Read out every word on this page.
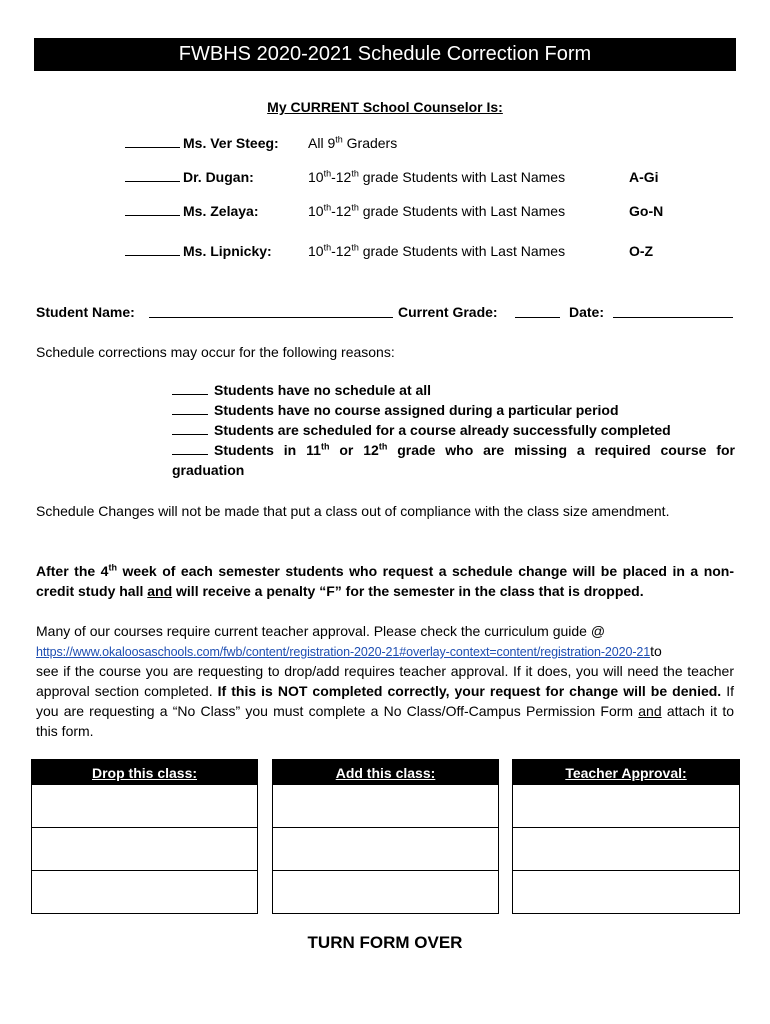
FWBHS 2020-2021 Schedule Correction Form
My CURRENT School Counselor Is:
Ms. Ver Steeg: All 9th Graders
Dr. Dugan:	10th-12th grade Students with Last Names	A-Gi
Ms. Zelaya:	10th-12th grade Students with Last Names	Go-N
Ms. Lipnicky:	10th-12th grade Students with Last Names	O-Z
Student Name:	Current Grade:	Date:
Schedule corrections may occur for the following reasons:
Students have no schedule at all
Students have no course assigned during a particular period
Students are scheduled for a course already successfully completed
Students in 11th or 12th grade who are missing a required course for graduation
Schedule Changes will not be made that put a class out of compliance with the class size amendment.
After the 4th week of each semester students who request a schedule change will be placed in a non-credit study hall and will receive a penalty “F” for the semester in the class that is dropped.
Many of our courses require current teacher approval. Please check the curriculum guide @
https://www.okaloosaschools.com/fwb/content/registration-2020-21#overlay-context=content/registration-2020-21to
see if the course you are requesting to drop/add requires teacher approval. If it does, you will need the teacher approval section completed. If this is NOT completed correctly, your request for change will be denied. If you are requesting a “No Class” you must complete a No Class/Off-Campus Permission Form and attach it to this form.
Drop this class:	Add this class:	Teacher Approval:
TURN FORM OVER
